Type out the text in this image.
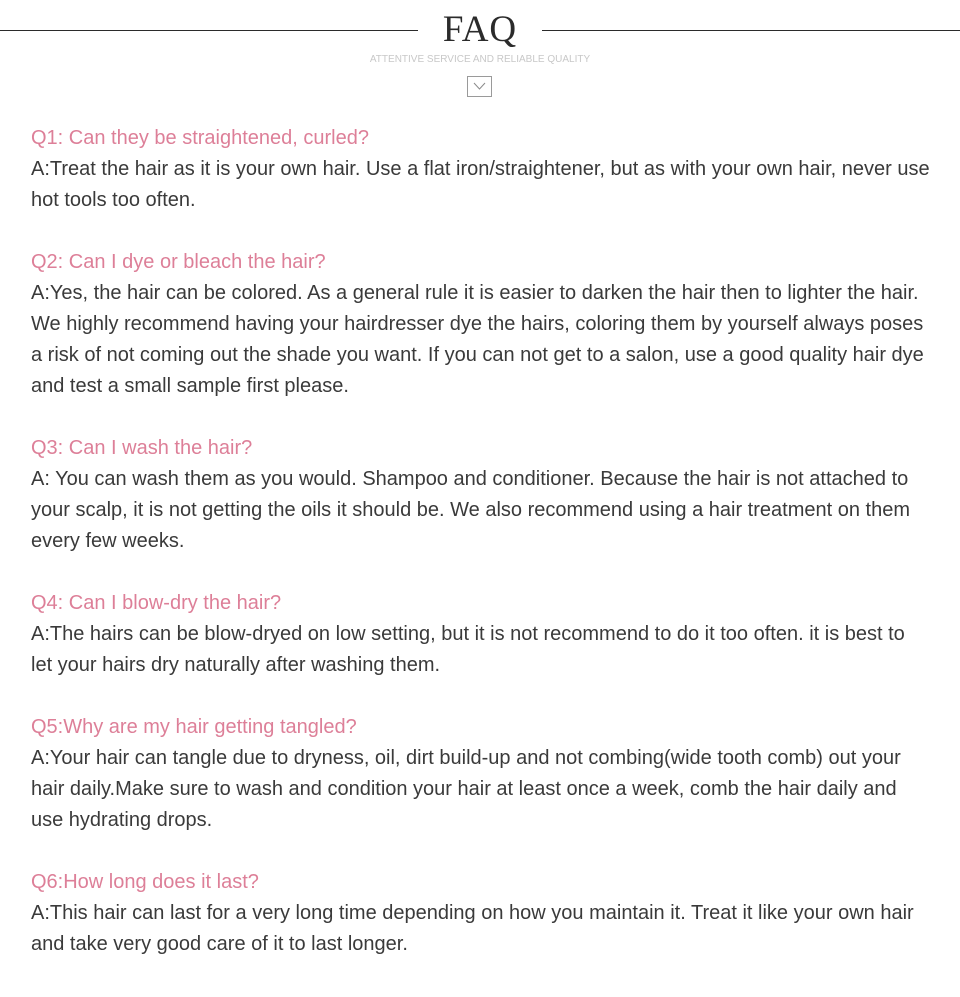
FAQ
ATTENTIVE SERVICE AND RELIABLE QUALITY

Q1: Can they be straightened, curled?

A:Treat the hair as it is your own hair. Use a flat iron/straightener, but as with your own hair, never use hot tools too often.

Q2: Can I dye or bleach the hair?

A:Yes, the hair can be colored. As a general rule it is easier to darken the hair then to lighter the hair. We highly recommend having your hairdresser dye the hairs, coloring them by yourself always poses a risk of not coming out the shade you want. If you can not get to a salon, use a good quality hair dye and test a small sample first please.

Q3: Can I wash the hair?

A: You can wash them as you would. Shampoo and conditioner. Because the hair is not attached to your scalp, it is not getting the oils it should be. We also recommend using a hair treatment on them every few weeks.

Q4: Can I blow-dry the hair?

A:The hairs can be blow-dryed on low setting, but it is not recommend to do it too often. it is best to let your hairs dry naturally after washing them.

Q5:Why are my hair getting tangled?

A:Your hair can tangle due to dryness, oil, dirt build-up and not combing(wide tooth comb) out your hair daily.Make sure to wash and condition your hair at least once a week, comb the hair daily and use hydrating drops.

Q6:How long does it last?

A:This hair can last for a very long time depending on how you maintain it. Treat it like your own hair and take very good care of it to last longer.
